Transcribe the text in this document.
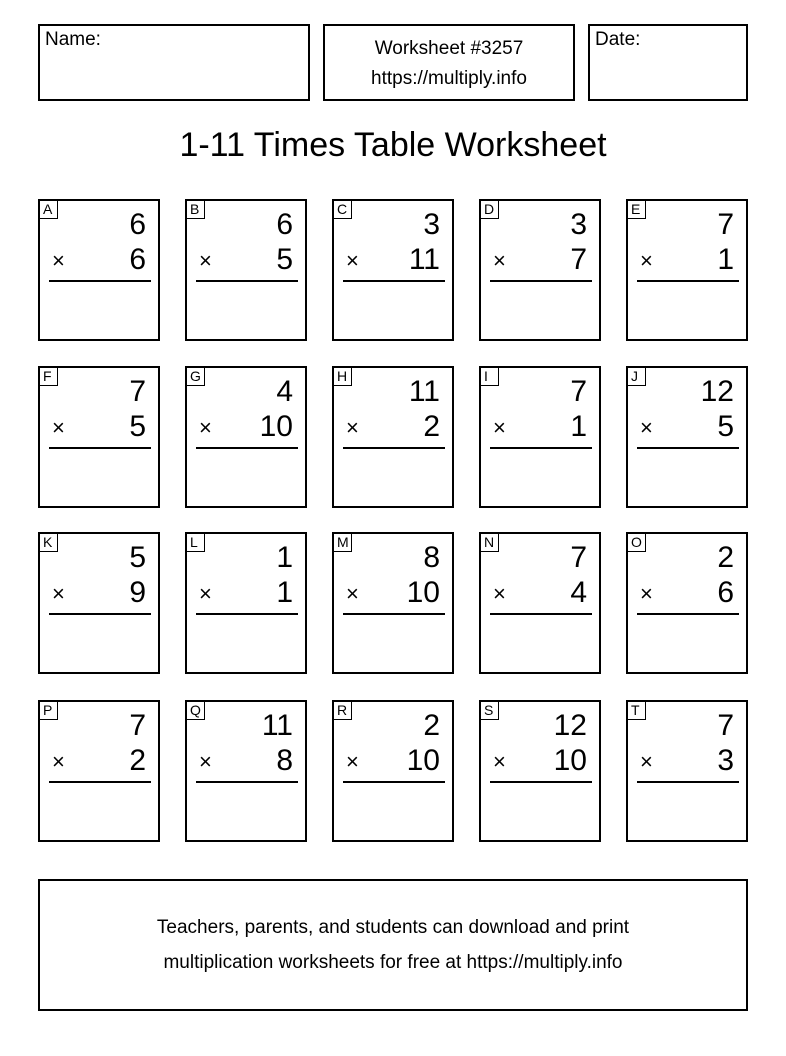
Name:	Worksheet #3257
https://multiply.info
Date:
1-11 Times Table Worksheet
A	6
× 6
B	6
× 5
C	3
× 11
D	3
× 7
E	7
× 1
F	7
× 5
G	4
× 10
H 11
× 2
I	7
× 1
J 12
× 5
K	5
× 9
L	1
× 1
M 8
× 10
N	7
× 4
O	2
× 6
P	7
× 2
Q 11
× 8
R	2
× 10
S 12
× 10
T	7
× 3
Teachers, parents, and students can download and print
multiplication worksheets for free at https://multiply.info
